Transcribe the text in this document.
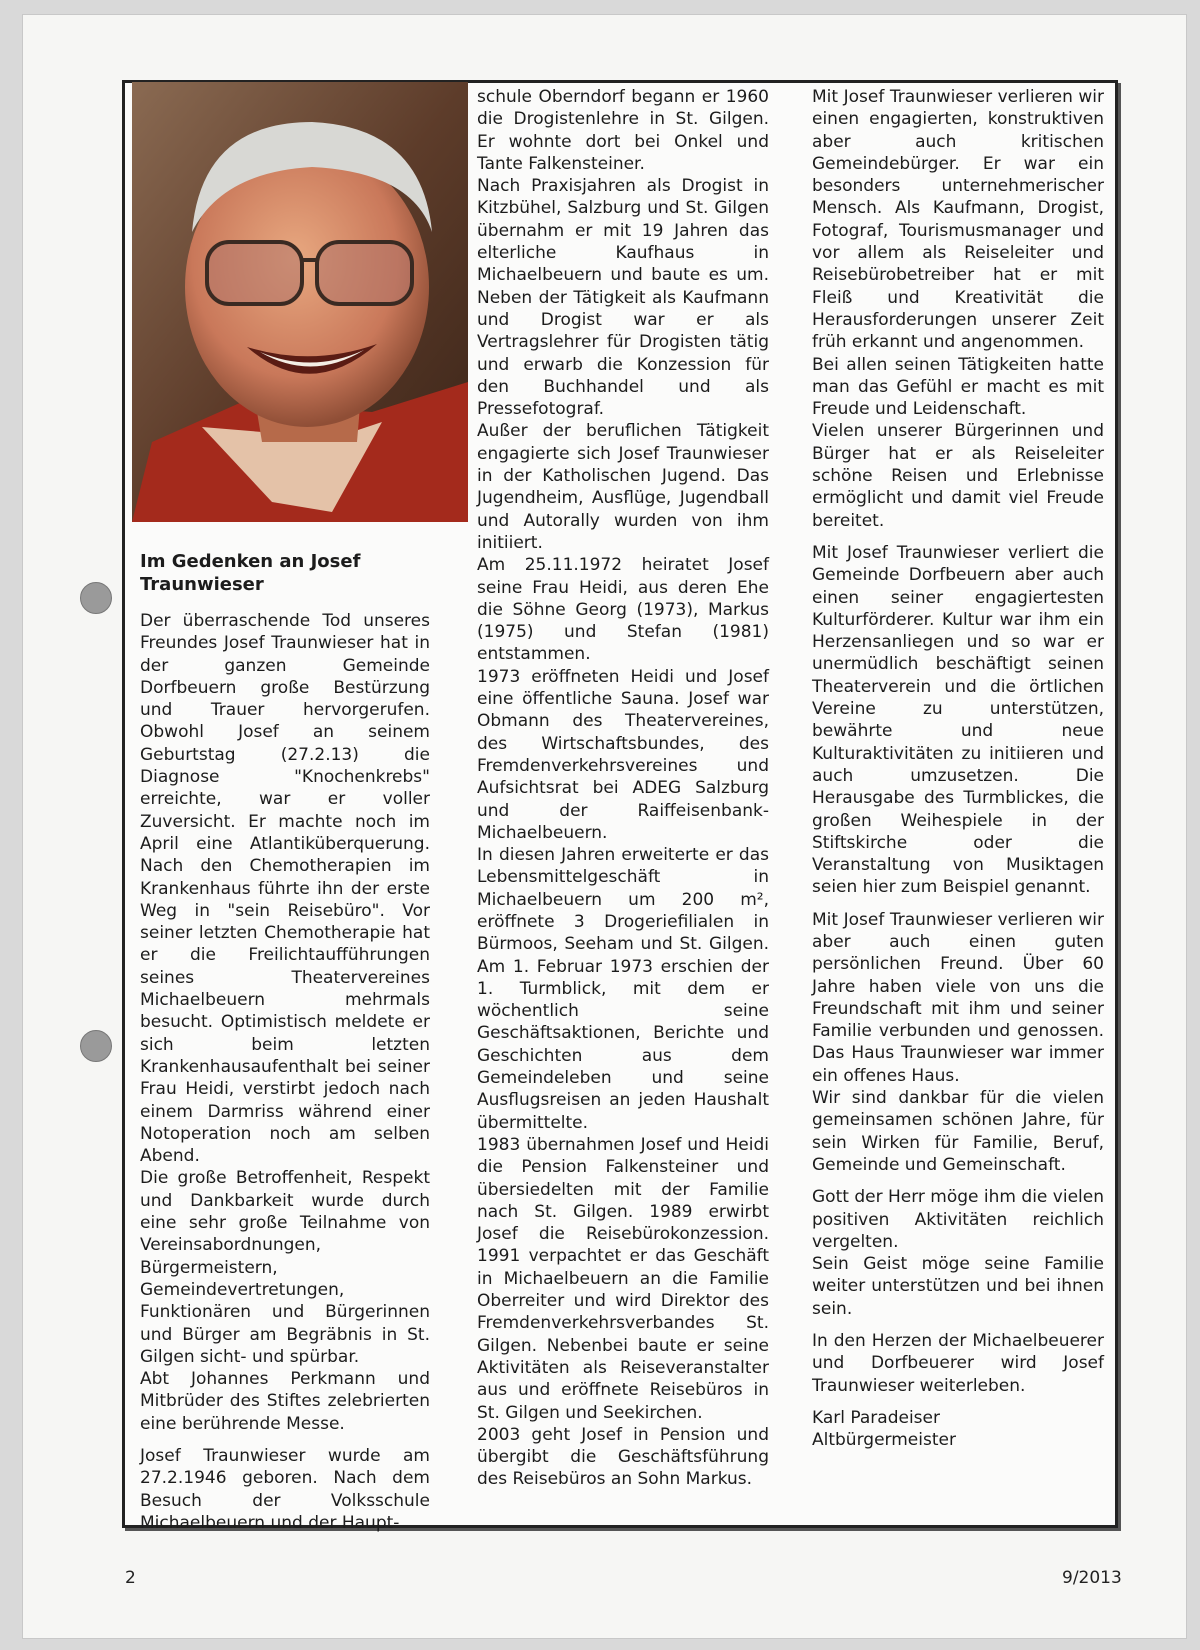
Im Gedenken an Josef Traunwieser

Der überraschende Tod unseres Freundes Josef Traunwieser hat in der ganzen Gemeinde Dorfbeuern große Bestürzung und Trauer hervorgerufen. Obwohl Josef an seinem Geburtstag (27.2.13) die Diagnose "Knochenkrebs" erreichte, war er voller Zuversicht. Er machte noch im April eine Atlantiküberquerung. Nach den Chemotherapien im Krankenhaus führte ihn der erste Weg in "sein Reisebüro". Vor seiner letzten Chemotherapie hat er die Freilichtaufführungen seines Theatervereines Michaelbeuern mehrmals besucht. Optimistisch meldete er sich beim letzten Krankenhausaufenthalt bei seiner Frau Heidi, verstirbt jedoch nach einem Darmriss während einer Notoperation noch am selben Abend.

Die große Betroffenheit, Respekt und Dankbarkeit wurde durch eine sehr große Teilnahme von Vereinsabordnungen, Bürgermeistern, Gemeindevertretungen, Funktionären und Bürgerinnen und Bürger am Begräbnis in St. Gilgen sicht- und spürbar.

Abt Johannes Perkmann und Mitbrüder des Stiftes zelebrierten eine berührende Messe.

Josef Traunwieser wurde am 27.2.1946 geboren. Nach dem Besuch der Volksschule Michaelbeuern und der Haupt-

schule Oberndorf begann er 1960 die Drogistenlehre in St. Gilgen. Er wohnte dort bei Onkel und Tante Falkensteiner.

Nach Praxisjahren als Drogist in Kitzbühel, Salzburg und St. Gilgen übernahm er mit 19 Jahren das elterliche Kaufhaus in Michaelbeuern und baute es um. Neben der Tätigkeit als Kaufmann und Drogist war er als Vertragslehrer für Drogisten tätig und erwarb die Konzession für den Buchhandel und als Pressefotograf.

Außer der beruflichen Tätigkeit engagierte sich Josef Traunwieser in der Katholischen Jugend. Das Jugendheim, Ausflüge, Jugendball und Autorally wurden von ihm initiiert.

Am 25.11.1972 heiratet Josef seine Frau Heidi, aus deren Ehe die Söhne Georg (1973), Markus (1975) und Stefan (1981) entstammen.

1973 eröffneten Heidi und Josef eine öffentliche Sauna. Josef war Obmann des Theatervereines, des Wirtschaftsbundes, des Fremdenverkehrsvereines und Aufsichtsrat bei ADEG Salzburg und der Raiffeisenbank-Michaelbeuern.

In diesen Jahren erweiterte er das Lebensmittelgeschäft in Michaelbeuern um 200 m², eröffnete 3 Drogeriefilialen in Bürmoos, Seeham und St. Gilgen. Am 1. Februar 1973 erschien der 1. Turmblick, mit dem er wöchentlich seine Geschäftsaktionen, Berichte und Geschichten aus dem Gemeindeleben und seine Ausflugsreisen an jeden Haushalt übermittelte.

1983 übernahmen Josef und Heidi die Pension Falkensteiner und übersiedelten mit der Familie nach St. Gilgen. 1989 erwirbt Josef die Reisebürokonzession. 1991 verpachtet er das Geschäft in Michaelbeuern an die Familie Oberreiter und wird Direktor des Fremdenverkehrsverbandes St. Gilgen. Nebenbei baute er seine Aktivitäten als Reiseveranstalter aus und eröffnete Reisebüros in St. Gilgen und Seekirchen.

2003 geht Josef in Pension und übergibt die Geschäftsführung des Reisebüros an Sohn Markus.

Mit Josef Traunwieser verlieren wir einen engagierten, konstruktiven aber auch kritischen Gemeindebürger. Er war ein besonders unternehmerischer Mensch. Als Kaufmann, Drogist, Fotograf, Tourismusmanager und vor allem als Reiseleiter und Reisebürobetreiber hat er mit Fleiß und Kreativität die Herausforderungen unserer Zeit früh erkannt und angenommen.

Bei allen seinen Tätigkeiten hatte man das Gefühl er macht es mit Freude und Leidenschaft.

Vielen unserer Bürgerinnen und Bürger hat er als Reiseleiter schöne Reisen und Erlebnisse ermöglicht und damit viel Freude bereitet.

Mit Josef Traunwieser verliert die Gemeinde Dorfbeuern aber auch einen seiner engagiertesten Kulturförderer. Kultur war ihm ein Herzensanliegen und so war er unermüdlich beschäftigt seinen Theaterverein und die örtlichen Vereine zu unterstützen, bewährte und neue Kulturaktivitäten zu initiieren und auch umzusetzen. Die Herausgabe des Turmblickes, die großen Weihespiele in der Stiftskirche oder die Veranstaltung von Musiktagen seien hier zum Beispiel genannt.

Mit Josef Traunwieser verlieren wir aber auch einen guten persönlichen Freund. Über 60 Jahre haben viele von uns die Freundschaft mit ihm und seiner Familie verbunden und genossen. Das Haus Traunwieser war immer ein offenes Haus.

Wir sind dankbar für die vielen gemeinsamen schönen Jahre, für sein Wirken für Familie, Beruf, Gemeinde und Gemeinschaft.

Gott der Herr möge ihm die vielen positiven Aktivitäten reichlich vergelten.

Sein Geist möge seine Familie weiter unterstützen und bei ihnen sein.

In den Herzen der Michaelbeuerer und Dorfbeuerer wird Josef Traunwieser weiterleben.

Karl Paradeiser

Altbürgermeister

2	9/2013
